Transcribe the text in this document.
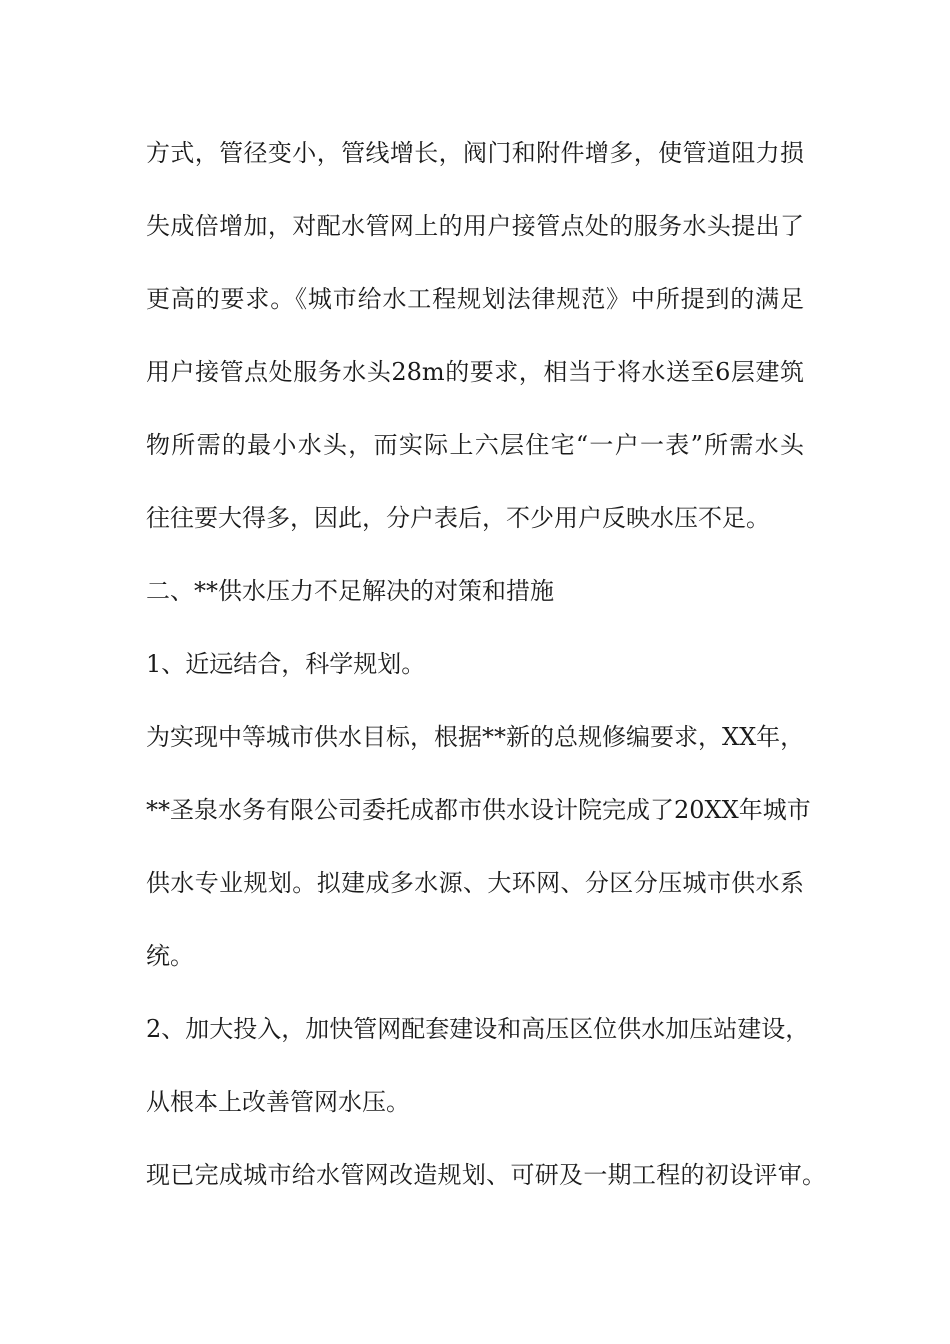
方式，管径变小，管线增长，阀门和附件增多，使管道阻力损
失成倍增加，对配水管网上的用户接管点处的服务水头提出了
更高的要求。《城市给水工程规划法律规范》中所提到的满足
用户接管点处服务水头28m的要求，相当于将水送至6层建筑
物所需的最小水头，而实际上六层住宅“一户一表”所需水头
往往要大得多，因此，分户表后，不少用户反映水压不足。
二、**供水压力不足解决的对策和措施
1、近远结合，科学规划。
为实现中等城市供水目标，根据**新的总规修编要求，XX年，
**圣泉水务有限公司委托成都市供水设计院完成了20XX年城市
供水专业规划。拟建成多水源、大环网、分区分压城市供水系
统。
2、加大投入，加快管网配套建设和高压区位供水加压站建设，
从根本上改善管网水压。
现已完成城市给水管网改造规划、可研及一期工程的初设评审。
